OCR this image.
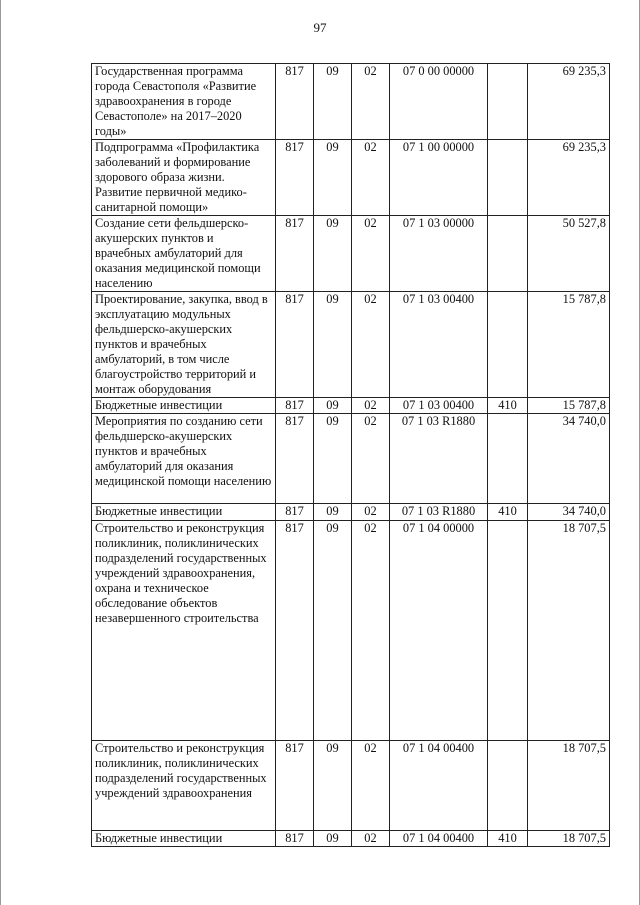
97
Государственная программа города Севастополя «Развитие здравоохранения в городе Севастополе» на 2017–2020 годы»	817	09	02	07 0 00 00000		69 235,3
Подпрограмма «Профилактика заболеваний и формирование здорового образа жизни. Развитие первичной медико-санитарной помощи»	817	09	02	07 1 00 00000		69 235,3
Создание сети фельдшерско-акушерских пунктов и врачебных амбулаторий для оказания медицинской помощи населению	817	09	02	07 1 03 00000		50 527,8
Проектирование, закупка, ввод в эксплуатацию модульных фельдшерско-акушерских пунктов и врачебных амбулаторий, в том числе благоустройство территорий и монтаж оборудования	817	09	02	07 1 03 00400		15 787,8
Бюджетные инвестиции	817	09	02	07 1 03 00400	410	15 787,8
Мероприятия по созданию сети фельдшерско-акушерских пунктов и врачебных амбулаторий для оказания медицинской помощи населению	817	09	02	07 1 03 R1880		34 740,0
Бюджетные инвестиции	817	09	02	07 1 03 R1880	410	34 740,0
Строительство и реконструкция поликлиник, поликлинических подразделений государственных учреждений здравоохранения, охрана и техническое обследование объектов незавершенного строительства	817	09	02	07 1 04 00000		18 707,5
Строительство и реконструкция поликлиник, поликлинических подразделений государственных учреждений здравоохранения	817	09	02	07 1 04 00400		18 707,5
Бюджетные инвестиции	817	09	02	07 1 04 00400	410	18 707,5
